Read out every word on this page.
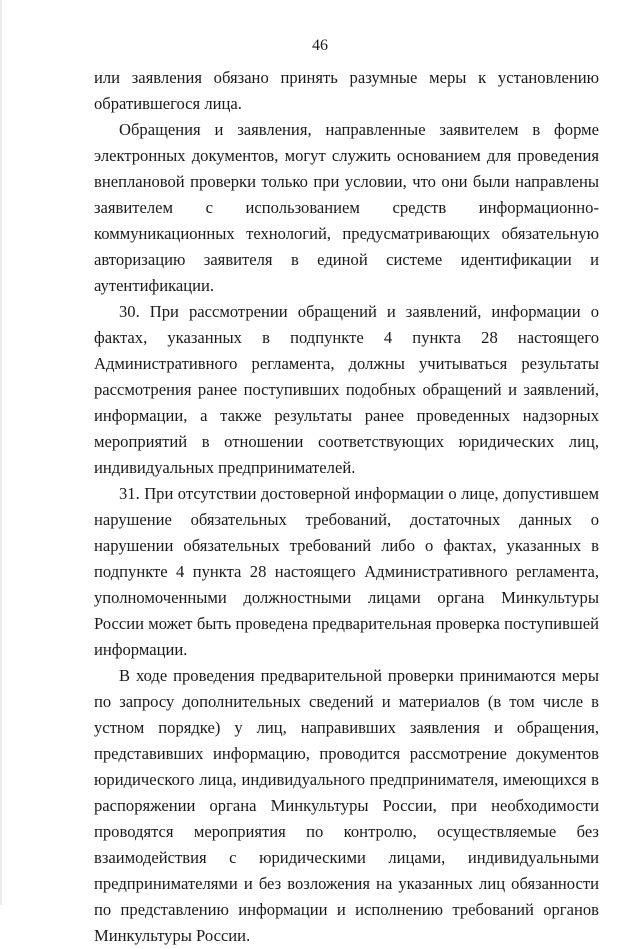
46

или заявления обязано принять разумные меры к установлению обратившегося лица.

Обращения и заявления, направленные заявителем в форме электронных документов, могут служить основанием для проведения внеплановой проверки только при условии, что они были направлены заявителем с использованием средств информационно-коммуникационных технологий, предусматривающих обязательную авторизацию заявителя в единой системе идентификации и аутентификации.

30. При рассмотрении обращений и заявлений, информации о фактах, указанных в подпункте 4 пункта 28 настоящего Административного регламента, должны учитываться результаты рассмотрения ранее поступивших подобных обращений и заявлений, информации, а также результаты ранее проведенных надзорных мероприятий в отношении соответствующих юридических лиц, индивидуальных предпринимателей.

31. При отсутствии достоверной информации о лице, допустившем нарушение обязательных требований, достаточных данных о нарушении обязательных требований либо о фактах, указанных в подпункте 4 пункта 28 настоящего Административного регламента, уполномоченными должностными лицами органа Минкультуры России может быть проведена предварительная проверка поступившей информации.

В ходе проведения предварительной проверки принимаются меры по запросу дополнительных сведений и материалов (в том числе в устном порядке) у лиц, направивших заявления и обращения, представивших информацию, проводится рассмотрение документов юридического лица, индивидуального предпринимателя, имеющихся в распоряжении органа Минкультуры России, при необходимости проводятся мероприятия по контролю, осуществляемые без взаимодействия с юридическими лицами, индивидуальными предпринимателями и без возложения на указанных лиц обязанности по представлению информации и исполнению требований органов Минкультуры России.
